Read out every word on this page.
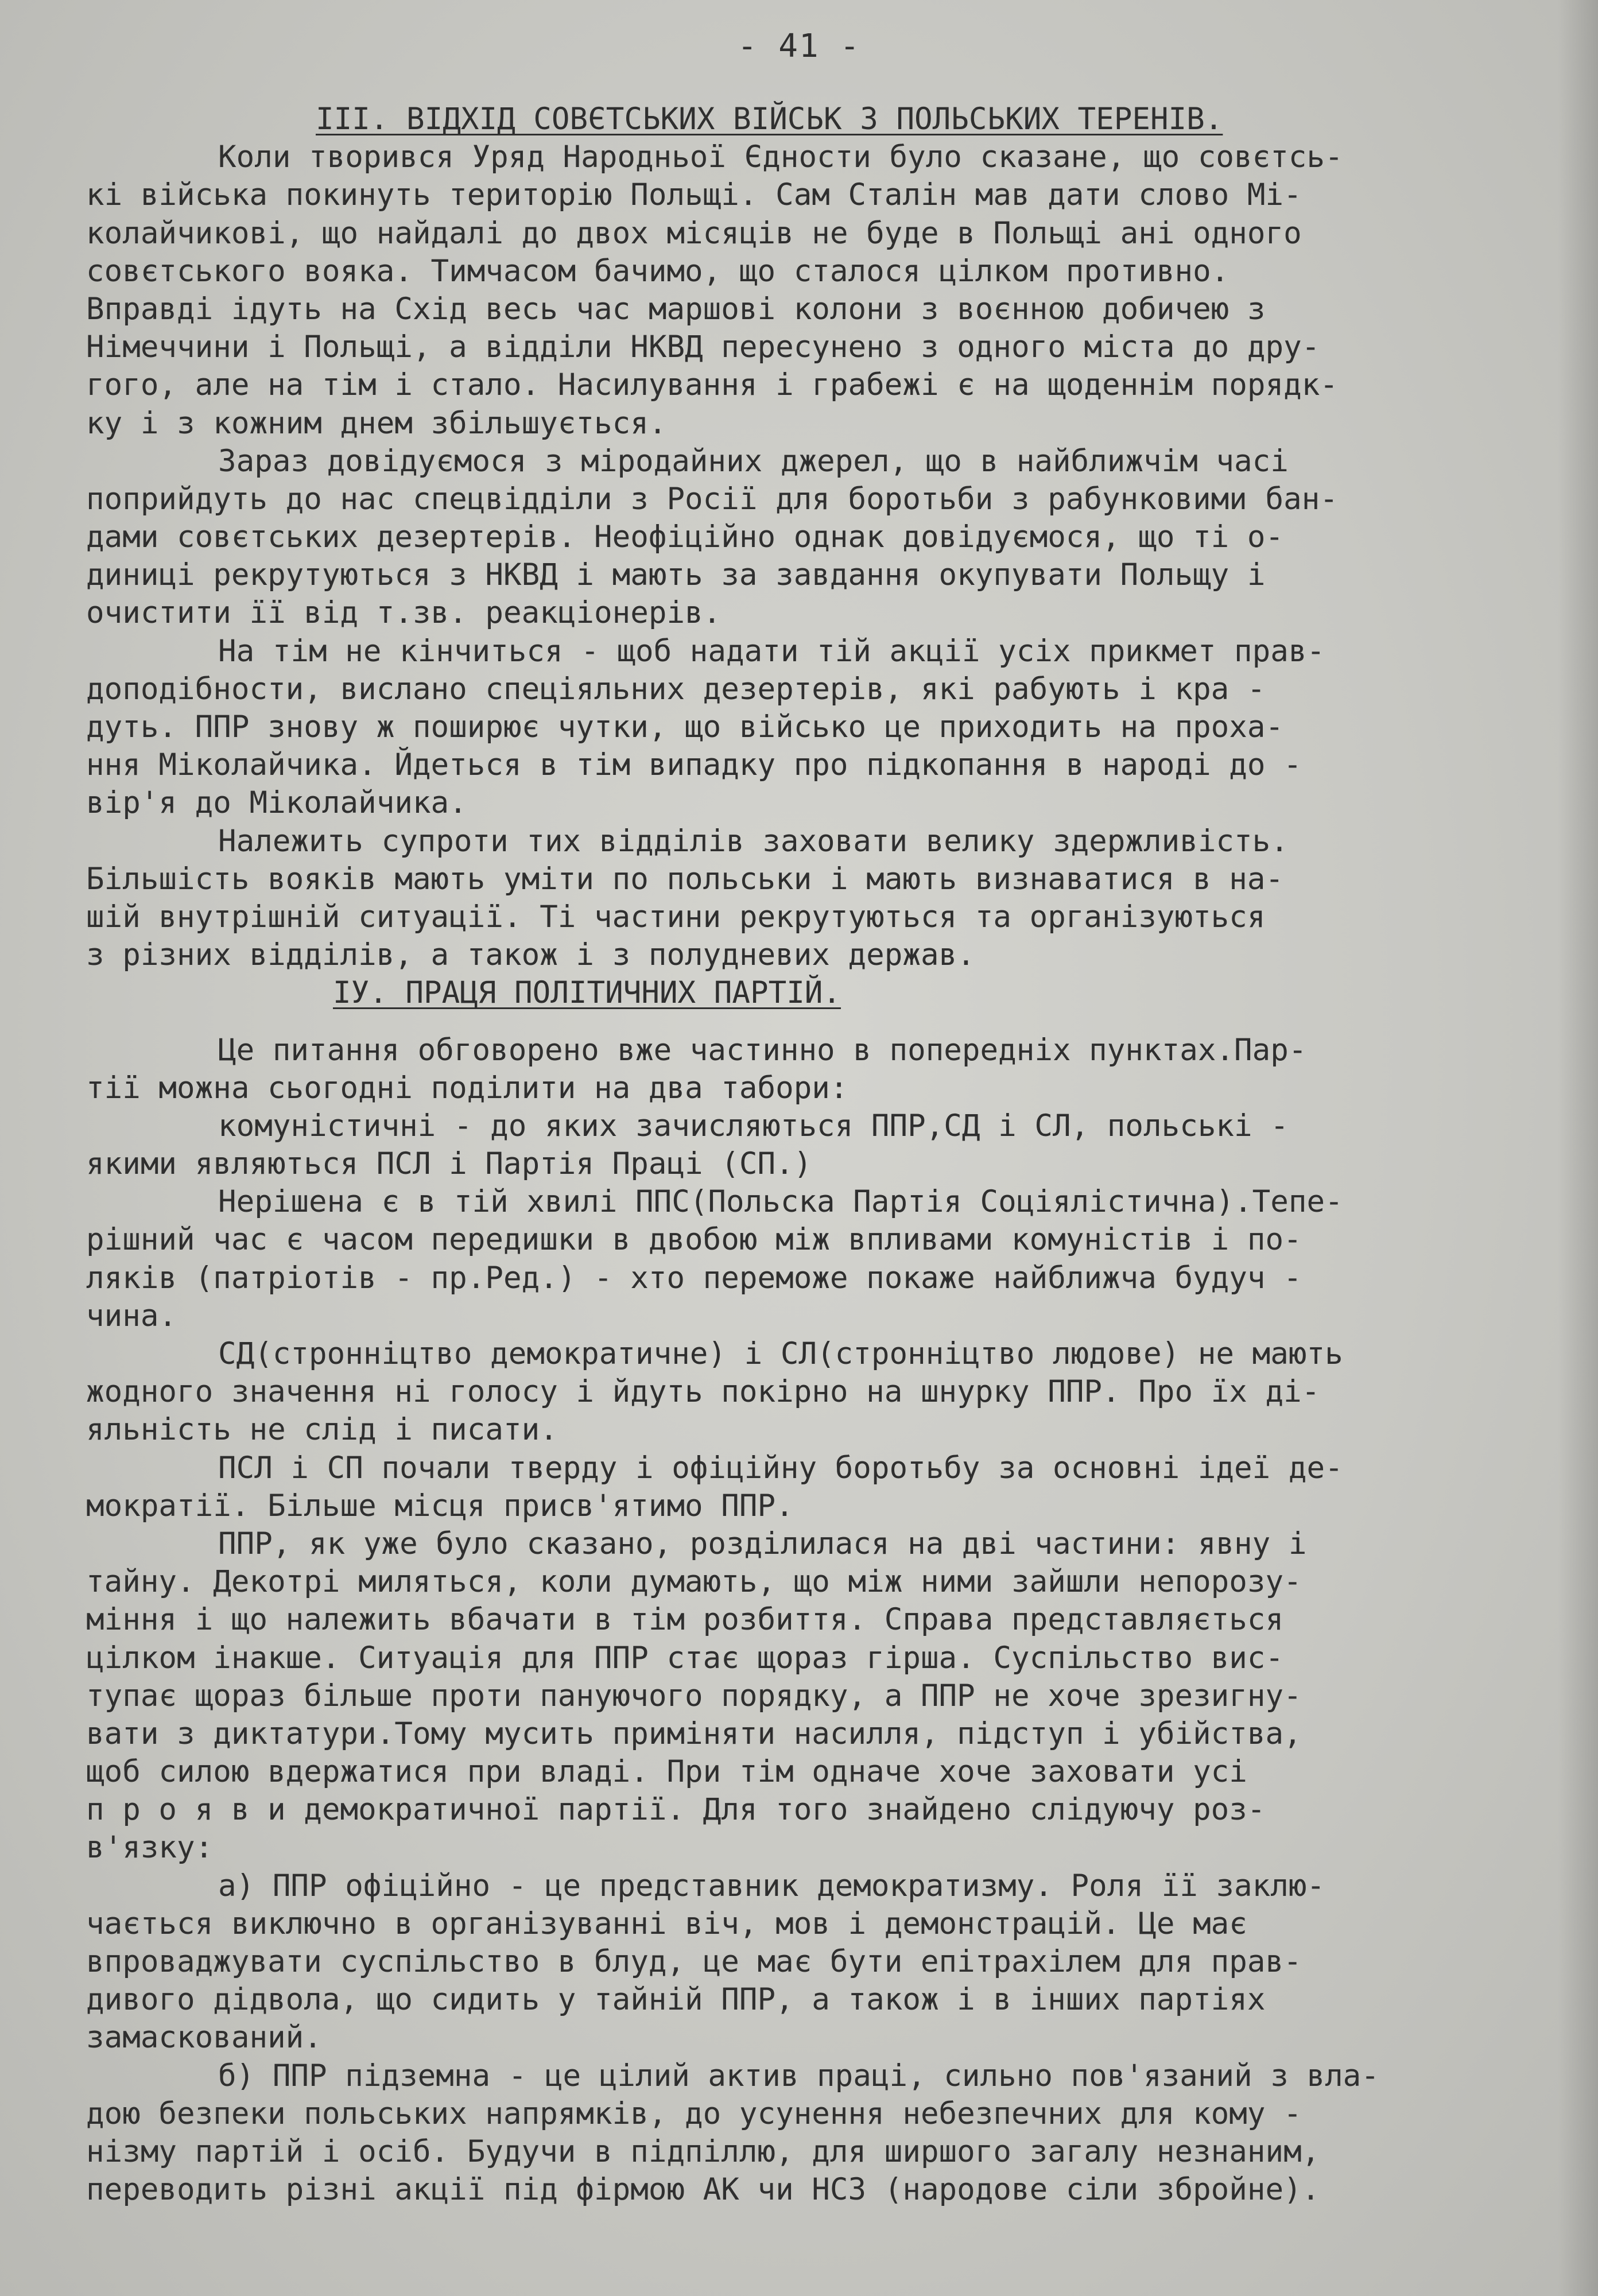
- 41 -
III. ВІДХІД СОВЄТСЬКИХ ВІЙСЬК З ПОЛЬСЬКИХ ТЕРЕНІВ.
Коли творився Уряд Народньої Єдности було сказане, що совєтсь-
кі війська покинуть територію Польщі. Сам Сталін мав дати слово Мі-
колайчикові, що найдалі до двох місяців не буде в Польщі ані одного
совєтського вояка. Тимчасом бачимо, що сталося цілком противно.
Вправді ідуть на Схід весь час маршові колони з воєнною добичею з
Німеччини і Польщі, а відділи НКВД пересунено з одного міста до дру-
гого, але на тім і стало. Насилування і грабежі є на щоденнім порядк-
ку і з кожним днем збільшується.
Зараз довідуємося з міродайних джерел, що в найближчім часі
поприйдуть до нас спецвідділи з Росії для боротьби з рабунковими бан-
дами совєтських дезертерів. Неофіційно однак довідуємося, що ті о-
диниці рекрутуються з НКВД і мають за завдання окупувати Польщу і
очистити її від т.зв. реакціонерів.
На тім не кінчиться - щоб надати тій акції усіх прикмет прав-
доподібности, вислано спеціяльних дезертерів, які рабують і кра -
дуть. ППР знову ж поширює чутки, що військо це приходить на проха-
ння Міколайчика. Йдеться в тім випадку про підкопання в народі до -
вір'я до Міколайчика.
Належить супроти тих відділів заховати велику здержливість.
Більшість вояків мають уміти по польськи і мають визнаватися в на-
шій внутрішній ситуації. Ті частини рекрутуються та організуються
з різних відділів, а також і з полудневих держав.
ІУ. ПРАЦЯ ПОЛІТИЧНИХ ПАРТІЙ.
Це питання обговорено вже частинно в попередніх пунктах.Пар-
тії можна сьогодні поділити на два табори:
комуністичні - до яких зачисляються ППР,СД і СЛ, польські -
якими являються ПСЛ і Партія Праці (СП.)
Нерішена є в тій хвилі ППС(Польска Партія Соціялістична).Тепе-
рішний час є часом передишки в двобою між впливами комуністів і по-
ляків (патріотів - пр.Ред.) - хто переможе покаже найближча будуч -
чина.
СД(стронніцтво демократичне) і СЛ(стронніцтво людове) не мають
жодного значення ні голосу і йдуть покірно на шнурку ППР. Про їх ді-
яльність не слід і писати.
ПСЛ і СП почали тверду і офіційну боротьбу за основні ідеї де-
мократії. Більше місця присв'ятимо ППР.
ППР, як уже було сказано, розділилася на дві частини: явну і
тайну. Декотрі миляться, коли думають, що між ними зайшли непорозу-
міння і що належить вбачати в тім розбиття. Справа представляється
цілком інакше. Ситуація для ППР стає щораз гірша. Суспільство вис-
тупає щораз більше проти пануючого порядку, а ППР не хоче зрезигну-
вати з диктатури.Тому мусить приміняти насилля, підступ і убійства,
щоб силою вдержатися при владі. При тім одначе хоче заховати усі
п р о я в и демократичної партії. Для того знайдено слідуючу роз-
в'язку:
а) ППР офіційно - це представник демократизму. Роля її заклю-
чається виключно в організуванні віч, мов і демонстрацій. Це має
впроваджувати суспільство в блуд, це має бути епітрахілем для прав-
дивого дідвола, що сидить у тайній ППР, а також і в інших партіях
замаскований.
б) ППР підземна - це цілий актив праці, сильно пов'язаний з вла-
дою безпеки польських напрямків, до усунення небезпечних для кому -
нізму партій і осіб. Будучи в підпіллю, для ширшого загалу незнаним,
переводить різні акції під фірмою АК чи НСЗ (народове сіли збройне).
